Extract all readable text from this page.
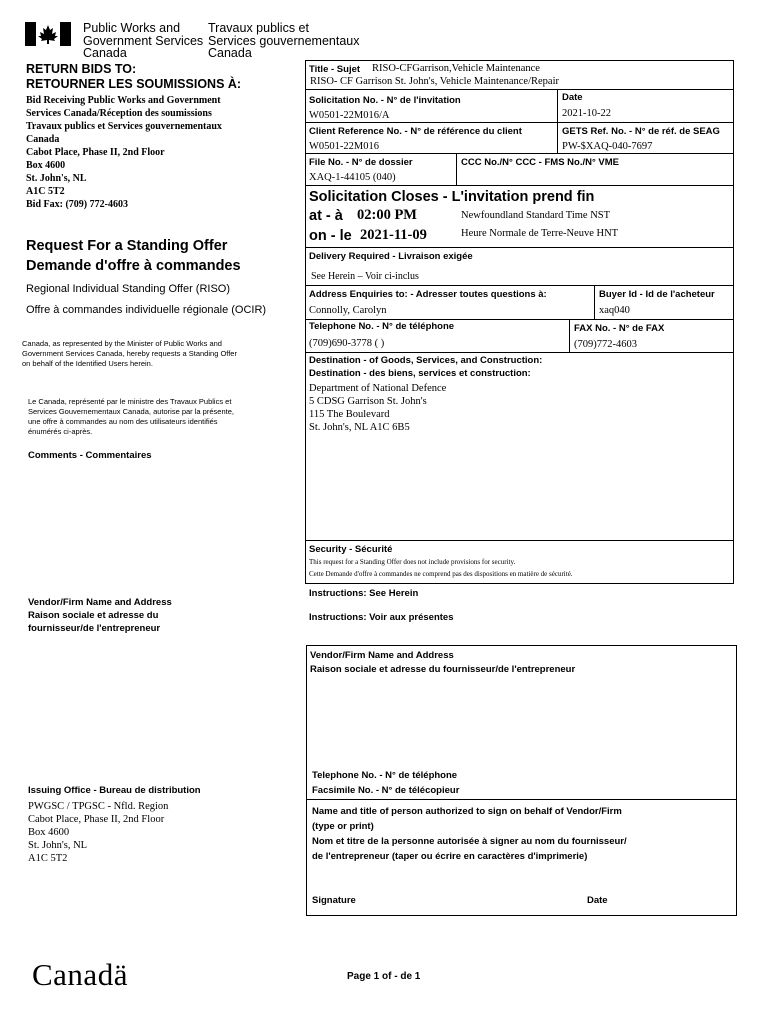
Public Works and
Government Services
Canada
Travaux publics et
Services gouvernementaux
Canada
RETURN BIDS TO:
RETOURNER LES SOUMISSIONS À:
Bid Receiving Public Works and Government
Services Canada/Réception des soumissions
Travaux publics et Services gouvernementaux
Canada
Cabot Place, Phase II, 2nd Floor
Box 4600
St. John's, NL
A1C 5T2
Bid Fax: (709) 772-4603
Request For a Standing Offer
Demande d'offre à commandes
Regional Individual Standing Offer (RISO)
Offre à commandes individuelle régionale (OCIR)
Canada, as represented by the Minister of Public Works and
Government Services Canada, hereby requests a Standing Offer
on behalf of the Identified Users herein.
Le Canada, représenté par le ministre des Travaux Publics et
Services Gouvernementaux Canada, autorise par la présente,
une offre à commandes au nom des utilisateurs identifiés
énumérés ci-après.
Comments - Commentaires
Vendor/Firm Name and Address
Raison sociale et adresse du
fournisseur/de l'entrepreneur
Issuing Office - Bureau de distribution
PWGSC / TPGSC - Nfld. Region
Cabot Place, Phase II, 2nd Floor
Box 4600
St. John's, NL
A1C 5T2
Title - Sujet RISO-CFGarrison,Vehicle Maintenance
RISO- CF Garrison St. John's, Vehicle Maintenance/Repair
Solicitation No. - N° de l'invitation
W0501-22M016/A
Date
2021-10-22
Client Reference No. - N° de référence du client
W0501-22M016
GETS Ref. No. - N° de réf. de SEAG
PW-$XAQ-040-7697
File No. - N° de dossier
XAQ-1-44105 (040)
CCC No./N° CCC - FMS No./N° VME
Solicitation Closes - L'invitation prend fin
at - à 02:00 PM
on - le 2021-11-09
Newfoundland Standard Time NST
Heure Normale de Terre-Neuve HNT
Delivery Required - Livraison exigée
See Herein – Voir ci-inclus
Address Enquiries to: - Adresser toutes questions à:
Connolly, Carolyn
Buyer Id - Id de l'acheteur
xaq040
Telephone No. - N° de téléphone
(709)690-3778 ( )
FAX No. - N° de FAX
(709)772-4603
Destination - of Goods, Services, and Construction:
Destination - des biens, services et construction:
Department of National Defence
5 CDSG Garrison St. John's
115 The Boulevard
St. John's, NL A1C 6B5
Security - Sécurité
This request for a Standing Offer does not include provisions for security.
Cette Demande d'offre à commandes ne comprend pas des dispositions en matière de sécurité.
Instructions: See Herein
Instructions: Voir aux présentes
Vendor/Firm Name and Address
Raison sociale et adresse du fournisseur/de l'entrepreneur
Telephone No. - N° de téléphone
Facsimile No. - N° de télécopieur
Name and title of person authorized to sign on behalf of Vendor/Firm
(type or print)
Nom et titre de la personne autorisée à signer au nom du fournisseur/
de l'entrepreneur (taper ou écrire en caractères d'imprimerie)
Signature	Date
Canadä	Page 1 of - de 1
